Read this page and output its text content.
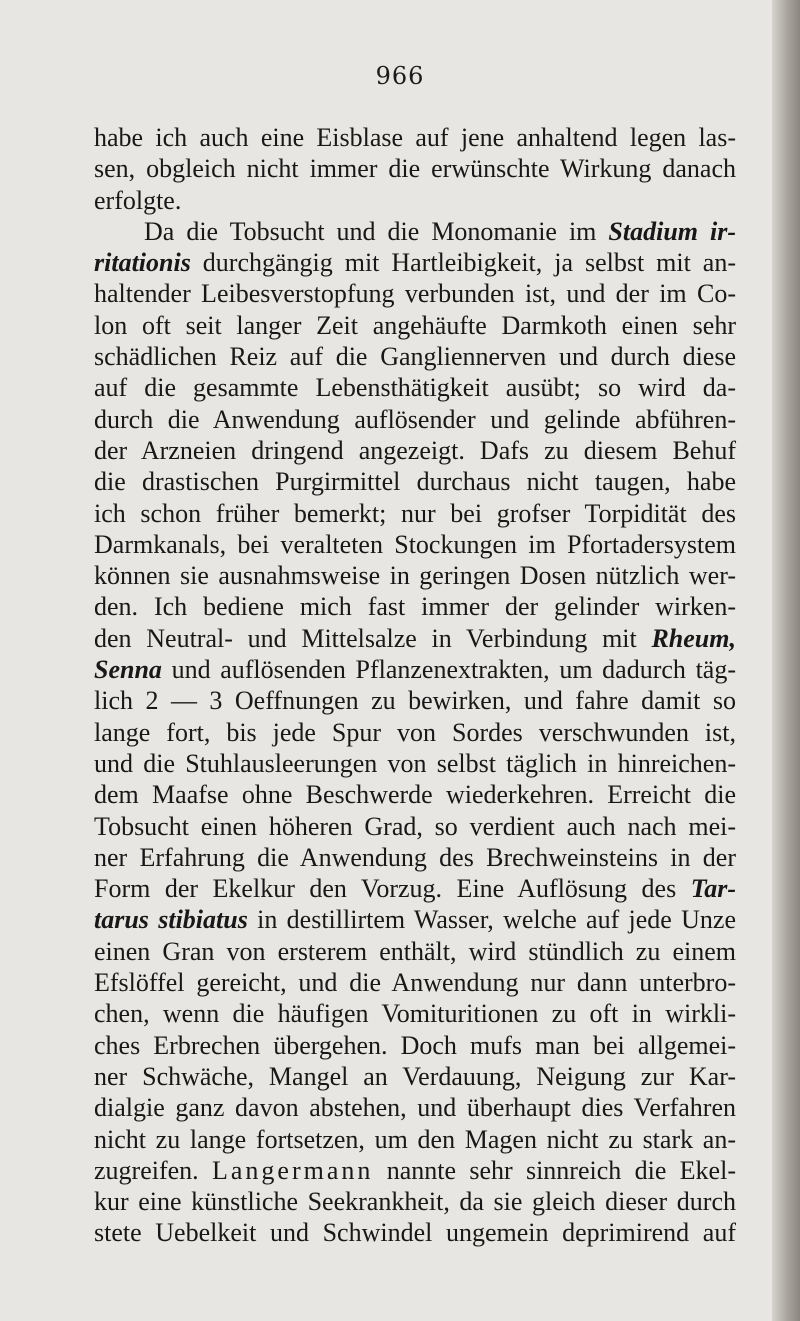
966
habe ich auch eine Eisblase auf jene anhaltend legen las-
sen, obgleich nicht immer die erwünschte Wirkung danach
erfolgte.
Da die Tobsucht und die Monomanie im Stadium ir-
ritationis durchgängig mit Hartleibigkeit, ja selbst mit an-
haltender Leibesverstopfung verbunden ist, und der im Co-
lon oft seit langer Zeit angehäufte Darmkoth einen sehr
schädlichen Reiz auf die Gangliennerven und durch diese
auf die gesammte Lebensthätigkeit ausübt; so wird da-
durch die Anwendung auflösender und gelinde abführen-
der Arzneien dringend angezeigt. Dafs zu diesem Behuf
die drastischen Purgirmittel durchaus nicht taugen, habe
ich schon früher bemerkt; nur bei grofser Torpidität des
Darmkanals, bei veralteten Stockungen im Pfortadersystem
können sie ausnahmsweise in geringen Dosen nützlich wer-
den. Ich bediene mich fast immer der gelinder wirken-
den Neutral- und Mittelsalze in Verbindung mit Rheum,
Senna und auflösenden Pflanzenextrakten, um dadurch täg-
lich 2 — 3 Oeffnungen zu bewirken, und fahre damit so
lange fort, bis jede Spur von Sordes verschwunden ist,
und die Stuhlausleerungen von selbst täglich in hinreichen-
dem Maafse ohne Beschwerde wiederkehren. Erreicht die
Tobsucht einen höheren Grad, so verdient auch nach mei-
ner Erfahrung die Anwendung des Brechweinsteins in der
Form der Ekelkur den Vorzug. Eine Auflösung des Tar-
tarus stibiatus in destillirtem Wasser, welche auf jede Unze
einen Gran von ersterem enthält, wird stündlich zu einem
Efslöffel gereicht, und die Anwendung nur dann unterbro-
chen, wenn die häufigen Vomituritionen zu oft in wirkli-
ches Erbrechen übergehen. Doch mufs man bei allgemei-
ner Schwäche, Mangel an Verdauung, Neigung zur Kar-
dialgie ganz davon abstehen, und überhaupt dies Verfahren
nicht zu lange fortsetzen, um den Magen nicht zu stark an-
zugreifen. Langermann nannte sehr sinnreich die Ekel-
kur eine künstliche Seekrankheit, da sie gleich dieser durch
stete Uebelkeit und Schwindel ungemein deprimirend auf
